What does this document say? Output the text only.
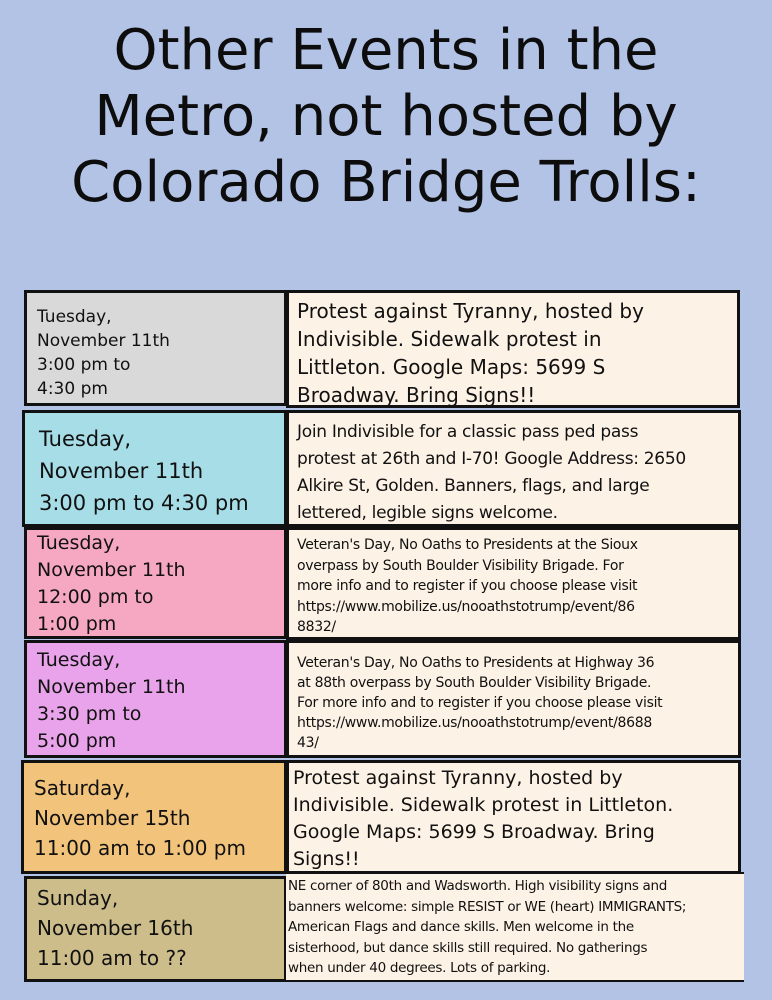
Other Events in the
Metro, not hosted by
Colorado Bridge Trolls:
Tuesday,
November 11th
3:00 pm to
4:30 pm
Protest against Tyranny, hosted by
Indivisible. Sidewalk protest in
Littleton. Google Maps: 5699 S
Broadway. Bring Signs!!
Tuesday,
November 11th
3:00 pm to 4:30 pm
Join Indivisible for a classic pass ped pass
protest at 26th and I-70! Google Address: 2650
Alkire St, Golden. Banners, flags, and large
lettered, legible signs welcome.
Tuesday,
November 11th
12:00 pm to
1:00 pm
Veteran's Day, No Oaths to Presidents at the Sioux
overpass by South Boulder Visibility Brigade. For
more info and to register if you choose please visit
https://www.mobilize.us/nooathstotrump/event/86
8832/
Tuesday,
November 11th
3:30 pm to
5:00 pm
Veteran's Day, No Oaths to Presidents at Highway 36
at 88th overpass by South Boulder Visibility Brigade.
For more info and to register if you choose please visit
https://www.mobilize.us/nooathstotrump/event/8688
43/
Saturday,
November 15th
11:00 am to 1:00 pm
Protest against Tyranny, hosted by
Indivisible. Sidewalk protest in Littleton.
Google Maps: 5699 S Broadway. Bring
Signs!!
Sunday,
November 16th
11:00 am to ??
NE corner of 80th and Wadsworth. High visibility signs and
banners welcome: simple RESIST or WE (heart) IMMIGRANTS;
American Flags and dance skills. Men welcome in the
sisterhood, but dance skills still required. No gatherings
when under 40 degrees. Lots of parking.
